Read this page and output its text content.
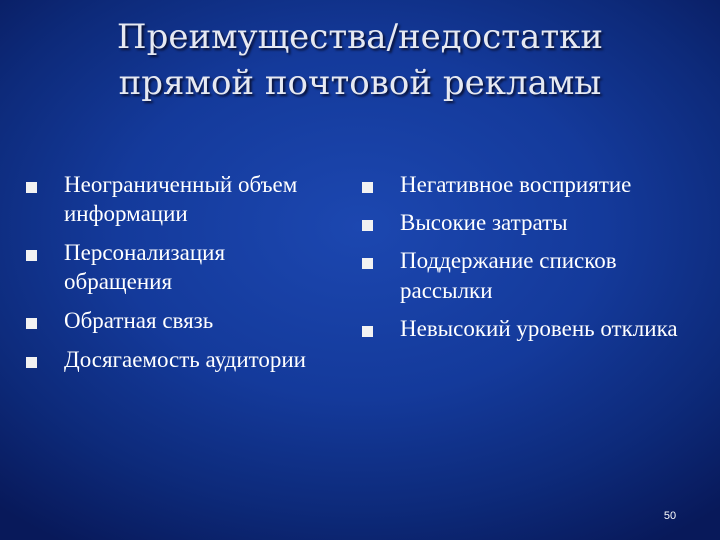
Преимущества/недостатки
прямой почтовой рекламы
Неограниченный объем информации
Персонализация обращения
Обратная связь
Досягаемость аудитории
Негативное восприятие
Высокие затраты
Поддержание списков рассылки
Невысокий уровень отклика
50
